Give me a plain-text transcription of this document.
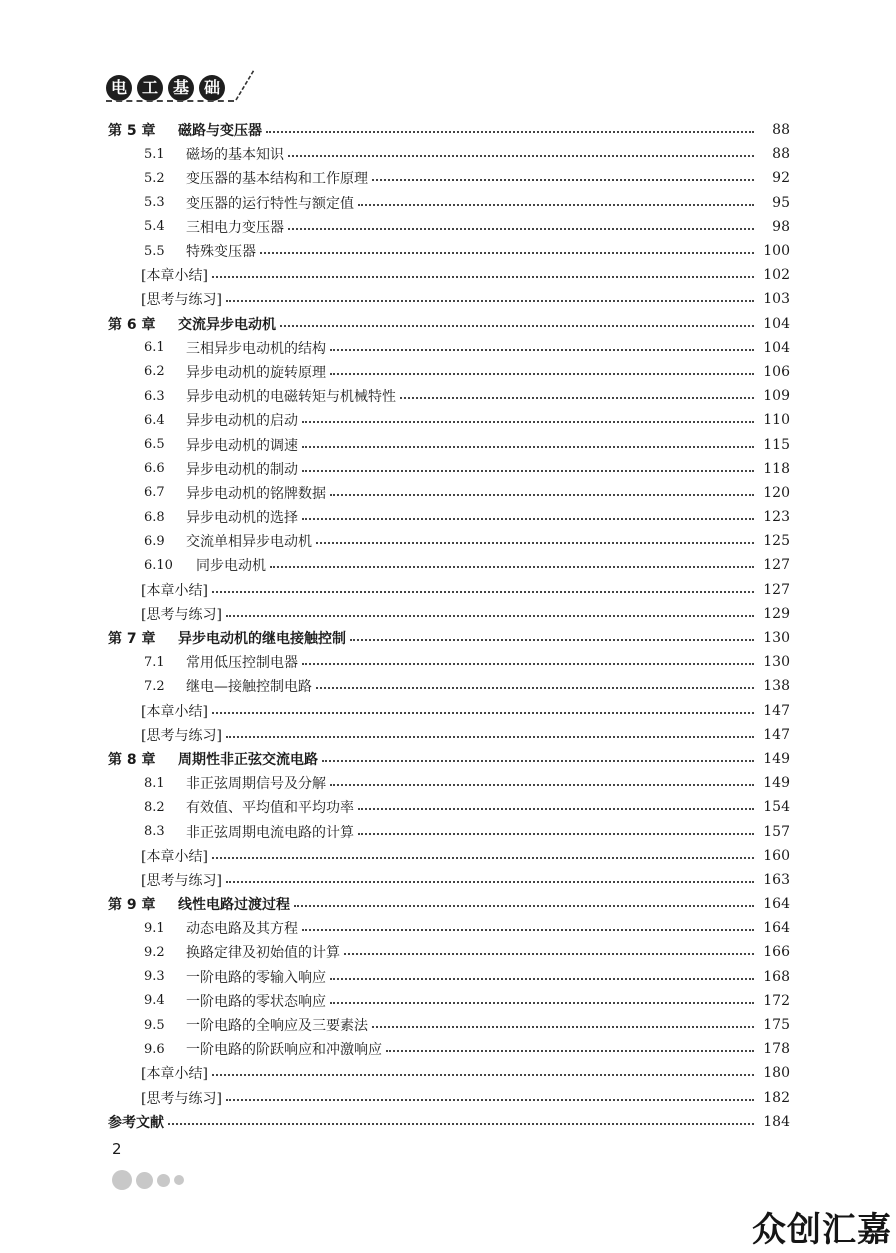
电 工 基 础
第 5 章	磁路与变压器	88
5.1	磁场的基本知识	88
5.2	变压器的基本结构和工作原理	92
5.3	变压器的运行特性与额定值	95
5.4	三相电力变压器	98
5.5	特殊变压器	100
[本章小结]	102
[思考与练习]	103
第 6 章	交流异步电动机	104
6.1	三相异步电动机的结构	104
6.2	异步电动机的旋转原理	106
6.3	异步电动机的电磁转矩与机械特性	109
6.4	异步电动机的启动	110
6.5	异步电动机的调速	115
6.6	异步电动机的制动	118
6.7	异步电动机的铭牌数据	120
6.8	异步电动机的选择	123
6.9	交流单相异步电动机	125
6.10	同步电动机	127
[本章小结]	127
[思考与练习]	129
第 7 章	异步电动机的继电接触控制	130
7.1	常用低压控制电器	130
7.2	继电—接触控制电路	138
[本章小结]	147
[思考与练习]	147
第 8 章	周期性非正弦交流电路	149
8.1	非正弦周期信号及分解	149
8.2	有效值、平均值和平均功率	154
8.3	非正弦周期电流电路的计算	157
[本章小结]	160
[思考与练习]	163
第 9 章	线性电路过渡过程	164
9.1	动态电路及其方程	164
9.2	换路定律及初始值的计算	166
9.3	一阶电路的零输入响应	168
9.4	一阶电路的零状态响应	172
9.5	一阶电路的全响应及三要素法	175
9.6	一阶电路的阶跃响应和冲激响应	178
[本章小结]	180
[思考与练习]	182
参考文献	184
2
众创汇嘉
